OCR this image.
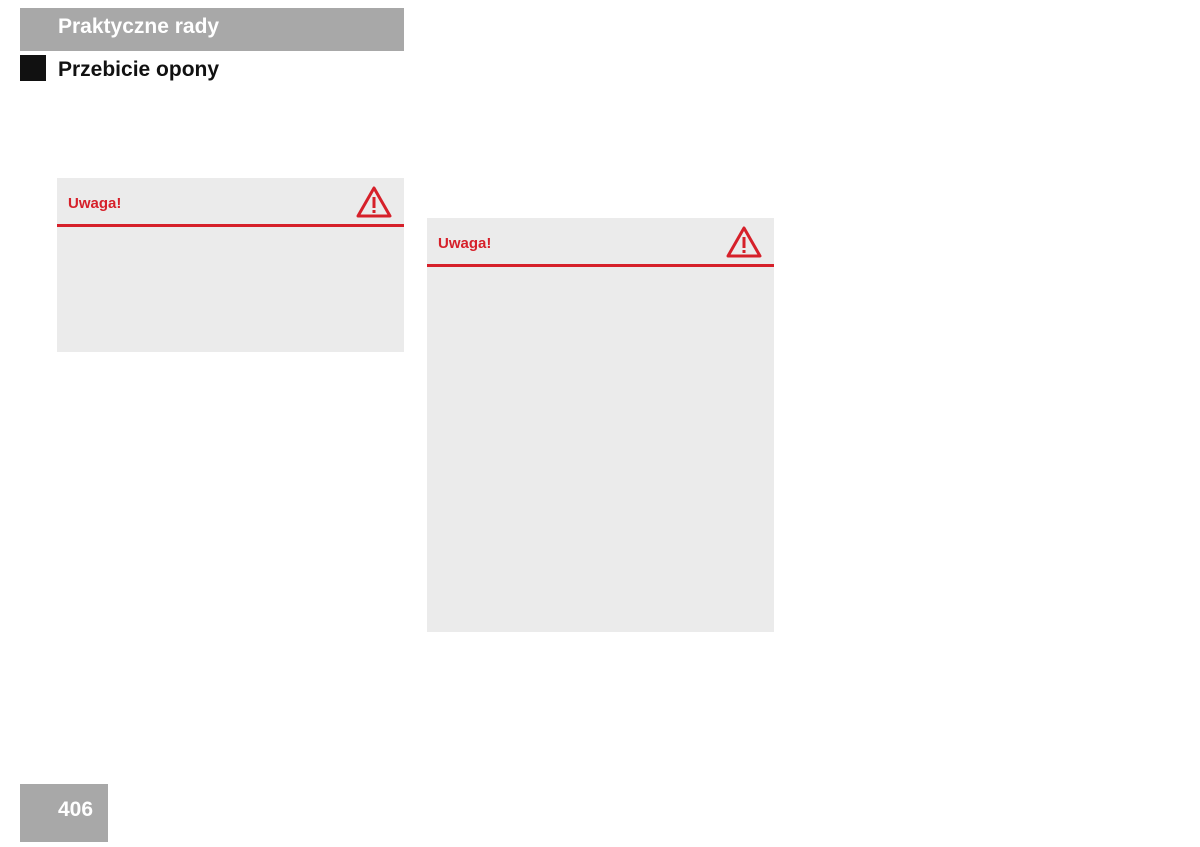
Praktyczne rady
Przebicie opony
Uwaga!
Uwaga!
406
